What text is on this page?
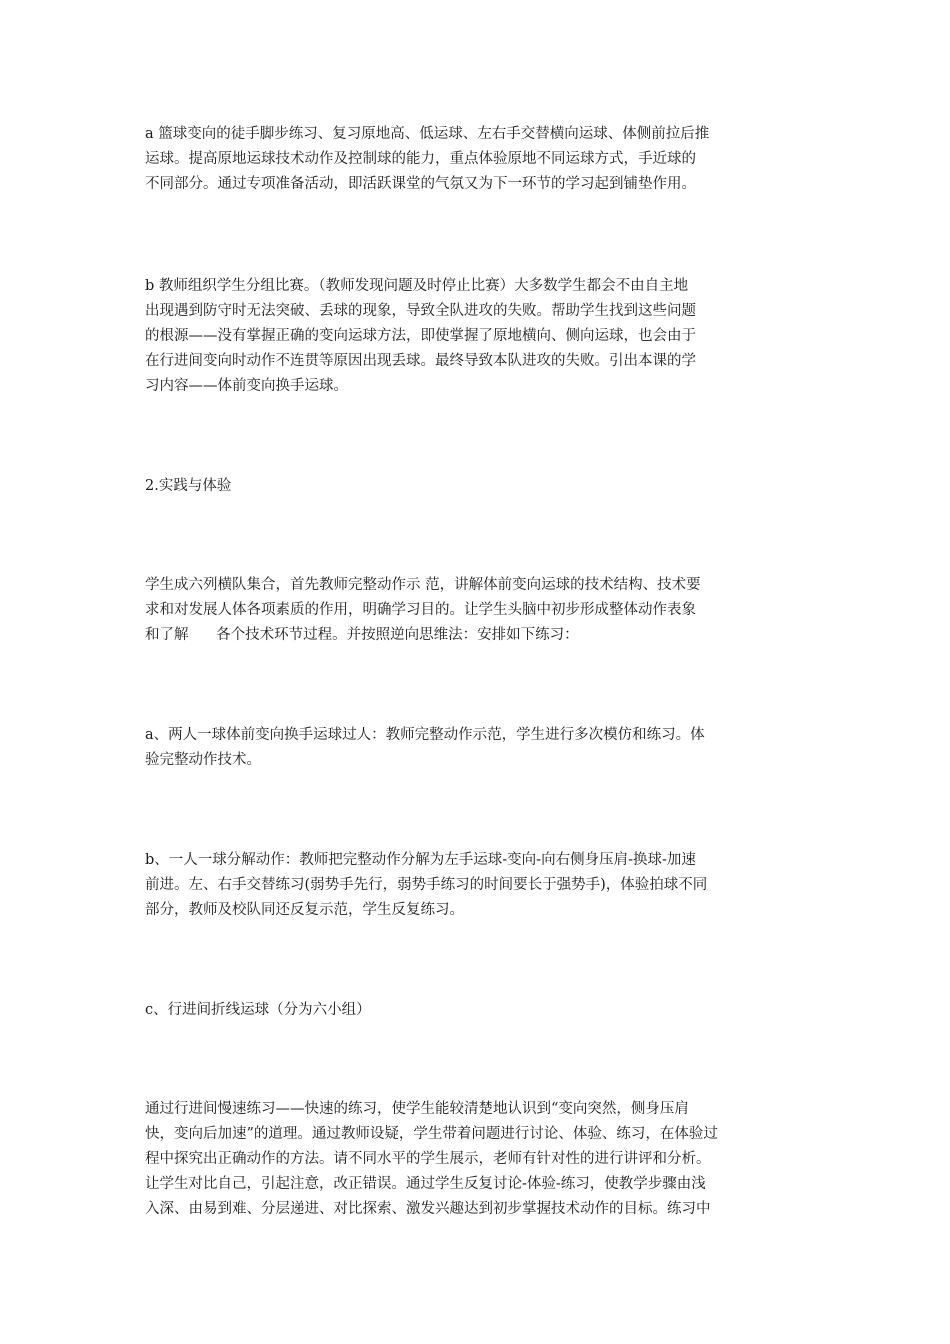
a 篮球变向的徒手脚步练习、复习原地高、低运球、左右手交替横向运球、体侧前拉后推
运球。提高原地运球技术动作及控制球的能力，重点体验原地不同运球方式，手近球的
不同部分。通过专项准备活动，即活跃课堂的气氛又为下一环节的学习起到铺垫作用。

b 教师组织学生分组比赛。（教师发现问题及时停止比赛）大多数学生都会不由自主地
出现遇到防守时无法突破、丢球的现象，导致全队进攻的失败。帮助学生找到这些问题
的根源——没有掌握正确的变向运球方法，即使掌握了原地横向、侧向运球，也会由于
在行进间变向时动作不连贯等原因出现丢球。最终导致本队进攻的失败。引出本课的学
习内容——体前变向换手运球。

2.实践与体验

学生成六列横队集合，首先教师完整动作示 范，讲解体前变向运球的技术结构、技术要
求和对发展人体各项素质的作用，明确学习目的。让学生头脑中初步形成整体动作表象
和了解      各个技术环节过程。并按照逆向思维法：安排如下练习：

a、两人一球体前变向换手运球过人：教师完整动作示范，学生进行多次模仿和练习。体
验完整动作技术。

b、一人一球分解动作：教师把完整动作分解为左手运球-变向-向右侧身压肩-换球-加速
前进。左、右手交替练习(弱势手先行，弱势手练习的时间要长于强势手)，体验拍球不同
部分，教师及校队同还反复示范，学生反复练习。

c、行进间折线运球（分为六小组）

通过行进间慢速练习——快速的练习，使学生能较清楚地认识到“变向突然，侧身压肩
快，变向后加速”的道理。通过教师设疑，学生带着问题进行讨论、体验、练习，在体验过
程中探究出正确动作的方法。请不同水平的学生展示，老师有针对性的进行讲评和分析。
让学生对比自己，引起注意，改正错误。通过学生反复讨论-体验-练习，使教学步骤由浅
入深、由易到难、分层递进、对比探索、激发兴趣达到初步掌握技术动作的目标。练习中
